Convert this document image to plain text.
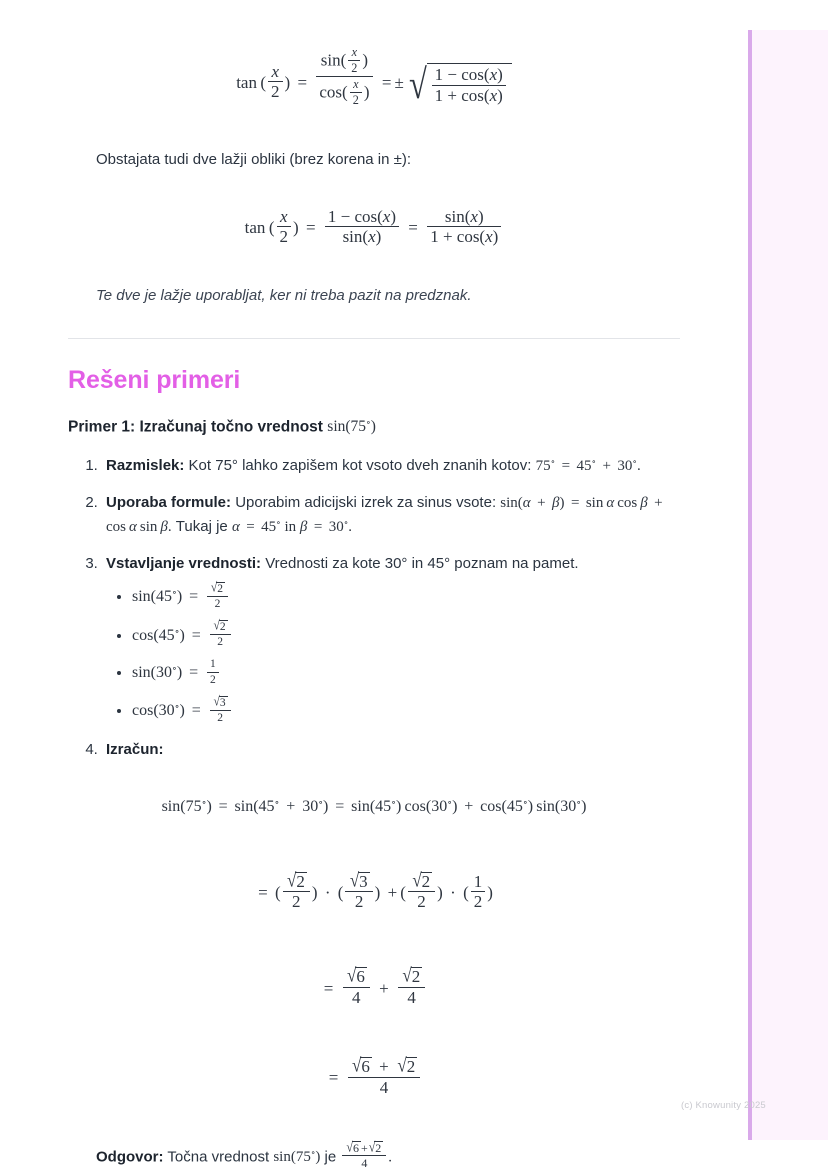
tan ( $\frac{x}{2}$ ) = $\frac{\sin( \frac{x}{2} )}{\cos( \frac{x}{2} )}$ = ± √ $\frac{1 - \cos(x)}{1 + \cos(x)}$
Obstajata tudi dve lažji obliki (brez korena in ±):
tan ( $\frac{x}{2}$ ) = $\frac{1 - \cos(x)}{\sin(x)} = \frac{\sin(x)}{1 + \cos(x)}$
Te dve je lažje uporabljat, ker ni treba pazit na predznak.
Rešeni primeri
Primer 1: Izračunaj točno vrednost sin(75∘)
1. Razmislek: Kot 75° lahko zapišem kot vsoto dveh znanih kotov: 75∘ = 45∘ + 30∘.
2. Uporaba formule: Uporabim adicijski izrek za sinus vsote: sin(α + β) = sin α cos β + cos α sin β. Tukaj je α = 45∘ in β = 30∘.
3. Vstavljanje vrednosti: Vrednosti za kote 30° in 45° poznam na pamet.
• $\sin(45^\circ) = \frac{√2}{2}$
• $\cos(45^\circ) = \frac{√2}{2}$
• $\sin(30^\circ) = \frac{1}{2}$
• $\cos(30^\circ) = \frac{√3}{2}$
4. Izračun:
sin(75∘) = sin(45∘ + 30∘) = sin(45∘) cos(30∘) + cos(45∘) sin(30∘)
= ( $\frac{√2}{2}$ ) · ( $\frac{√3}{2}$ ) + ( $\frac{√2}{2}$ ) · ( $\frac{1}{2}$ )
= $\frac{√6}{4} + \frac{√2}{4}$
= $\frac{√6 + √2}{4}$
Odgovor: Točna vrednost sin(75∘) je $\frac{√6 +√2}{4}$ .
(c) Knowunity 2025
